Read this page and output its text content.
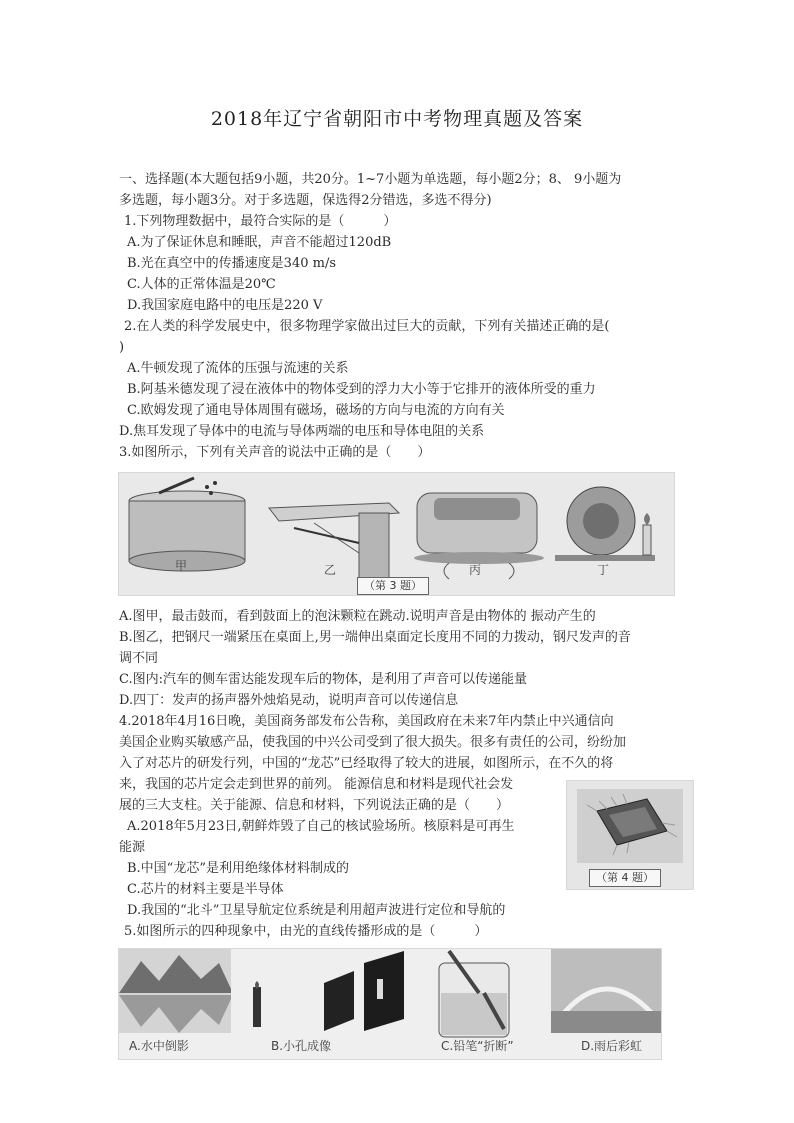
2018年辽宁省朝阳市中考物理真题及答案
一、选择题(本大题包括9小题，共20分。1~7小题为单选题，每小题2分；8、 9小题为
多选题，每小题3分。对于多选题，保选得2分错选，多选不得分)
1.下列物理数据中，最符合实际的是（　　　）
A.为了保证休息和睡眠，声音不能超过120dB
B.光在真空中的传播速度是340 m/s
C.人体的正常体温是20℃
D.我国家庭电路中的电压是220 V
2.在人类的科学发展史中，很多物理学家做出过巨大的贡献，下列有关描述正确的是(
)
A.牛顿发现了流体的压强与流速的关系
B.阿基米德发现了浸在液体中的物体受到的浮力大小等于它排开的液体所受的重力
C.欧姆发现了通电导体周围有磁场，磁场的方向与电流的方向有关
D.焦耳发现了导体中的电流与导体两端的电压和导体电阻的关系
3.如图所示，下列有关声音的说法中正确的是（　　）
甲	乙	丙	丁
（第 3 题）
A.图甲，最击鼓而，看到鼓面上的泡沫颗粒在跳动.说明声音是由物体的 振动产生的
B.图乙，把钢尺一端紧压在桌面上,男一端伸出桌面定长度用不同的力拨动，钢尺发声的音
调不同
C.图内:汽车的侧车雷达能发现车后的物体，是利用了声音可以传递能量
D.四丁：发声的扬声器外烛焰晃动，说明声音可以传递信息
4.2018年4月16日晚，美国商务部发布公告称，美国政府在未来7年内禁止中兴通信向
美国企业购买敏感产品，使我国的中兴公司受到了很大损失。很多有责任的公司，纷纷加
入了对芯片的研发行列，中国的“龙芯”已经取得了较大的进展，如图所示，在不久的将
来，我国的芯片定会走到世界的前列。 能源信息和材料是现代社会发
展的三大支柱。关于能源、信息和材料，下列说法正确的是（　　）
A.2018年5月23日,朝鲜炸毁了自己的核试验场所。核原料是可再生
能源
B.中国“龙芯”是利用绝缘体材料制成的
C.芯片的材料主要是半导体
D.我国的“北斗”卫星导航定位系统是利用超声波进行定位和导航的
（第 4 题）
5.如图所示的四种现象中，由光的直线传播形成的是（　　　）
A.水中倒影	B.小孔成像	C.铅笔“折断”	D.雨后彩虹
